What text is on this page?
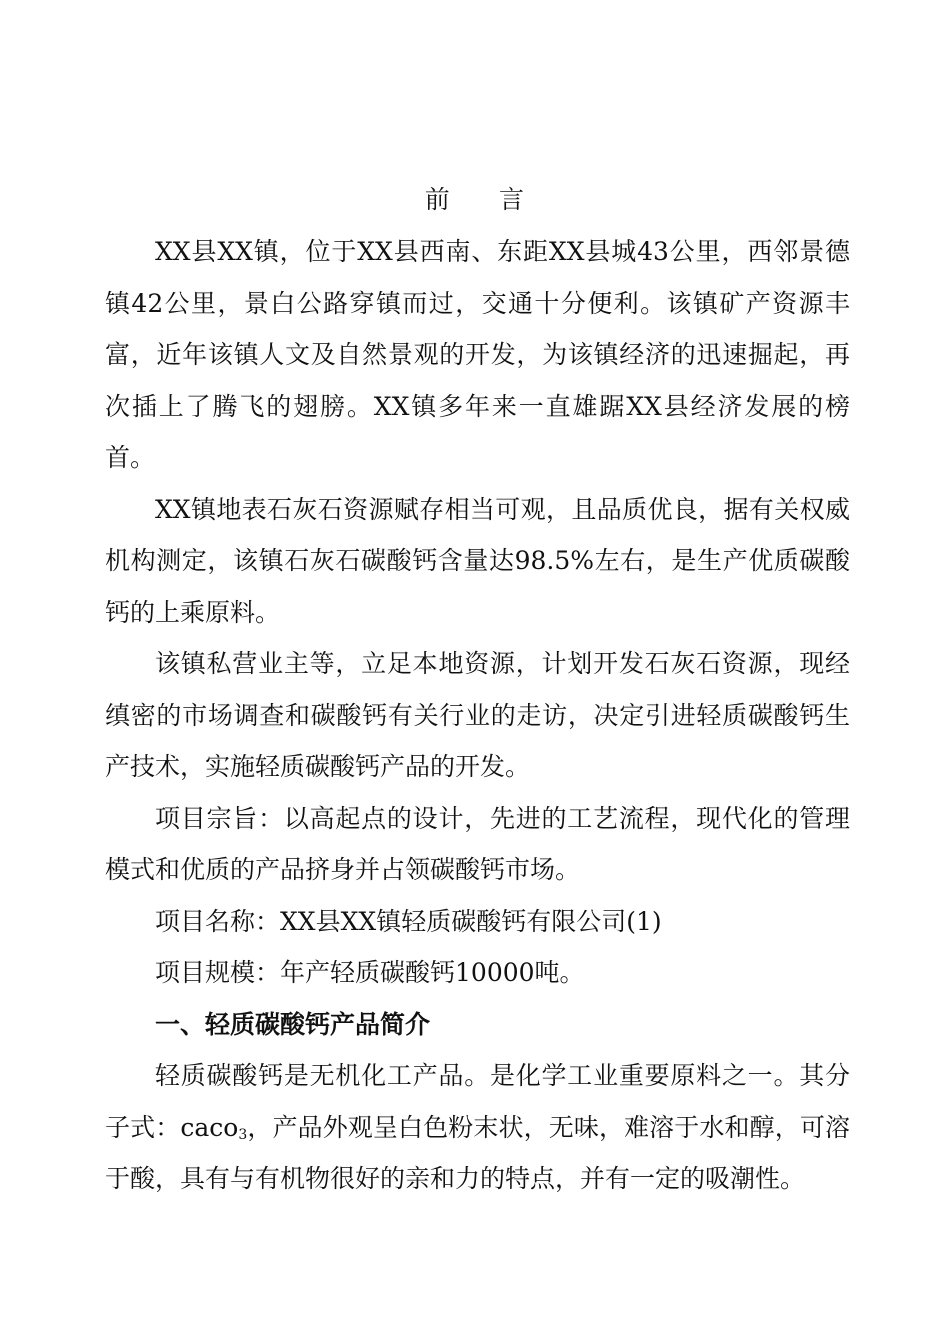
前 言

XX县XX镇，位于XX县西南、东距XX县城43公里，西邻景德镇42公里，景白公路穿镇而过，交通十分便利。该镇矿产资源丰富，近年该镇人文及自然景观的开发，为该镇经济的迅速掘起，再次插上了腾飞的翅膀。XX镇多年来一直雄踞XX县经济发展的榜首。

XX镇地表石灰石资源赋存相当可观，且品质优良，据有关权威机构测定，该镇石灰石碳酸钙含量达98.5%左右，是生产优质碳酸钙的上乘原料。

该镇私营业主等，立足本地资源，计划开发石灰石资源，现经缜密的市场调查和碳酸钙有关行业的走访，决定引进轻质碳酸钙生产技术，实施轻质碳酸钙产品的开发。

项目宗旨：以高起点的设计，先进的工艺流程，现代化的管理模式和优质的产品挤身并占领碳酸钙市场。

项目名称：XX县XX镇轻质碳酸钙有限公司(1)

项目规模：年产轻质碳酸钙10000吨。

一、轻质碳酸钙产品简介

轻质碳酸钙是无机化工产品。是化学工业重要原料之一。其分子式：caco$_3$，产品外观呈白色粉末状，无味，难溶于水和醇，可溶于酸，具有与有机物很好的亲和力的特点，并有一定的吸潮性。
